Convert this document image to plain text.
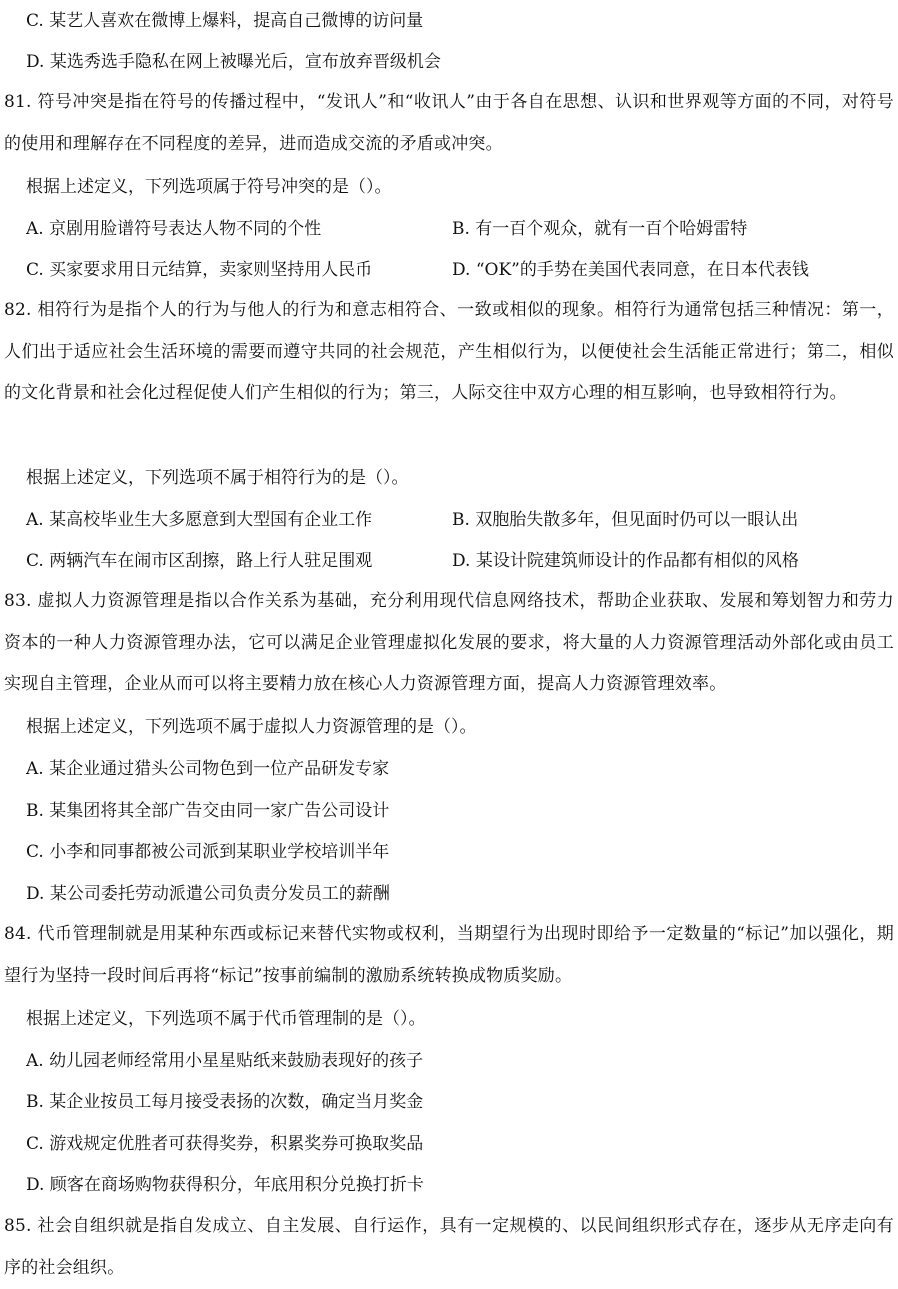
C. 某艺人喜欢在微博上爆料，提高自己微博的访问量
D. 某选秀选手隐私在网上被曝光后，宣布放弃晋级机会
81. 符号冲突是指在符号的传播过程中，“发讯人”和“收讯人”由于各自在思想、认识和世界观等方面的不同，对符号的使用和理解存在不同程度的差异，进而造成交流的矛盾或冲突。
根据上述定义，下列选项属于符号冲突的是（）。
A. 京剧用脸谱符号表达人物不同的个性	B. 有一百个观众，就有一百个哈姆雷特
C. 买家要求用日元结算，卖家则坚持用人民币	D. “OK”的手势在美国代表同意，在日本代表钱
82. 相符行为是指个人的行为与他人的行为和意志相符合、一致或相似的现象。相符行为通常包括三种情况：第一，人们出于适应社会生活环境的需要而遵守共同的社会规范，产生相似行为，以便使社会生活能正常进行；第二，相似的文化背景和社会化过程促使人们产生相似的行为；第三，人际交往中双方心理的相互影响，也导致相符行为。
根据上述定义，下列选项不属于相符行为的是（）。
A. 某高校毕业生大多愿意到大型国有企业工作	B. 双胞胎失散多年，但见面时仍可以一眼认出
C. 两辆汽车在闹市区刮擦，路上行人驻足围观	D. 某设计院建筑师设计的作品都有相似的风格
83. 虚拟人力资源管理是指以合作关系为基础，充分利用现代信息网络技术，帮助企业获取、发展和筹划智力和劳力资本的一种人力资源管理办法，它可以满足企业管理虚拟化发展的要求，将大量的人力资源管理活动外部化或由员工实现自主管理，企业从而可以将主要精力放在核心人力资源管理方面，提高人力资源管理效率。
根据上述定义，下列选项不属于虚拟人力资源管理的是（）。
A. 某企业通过猎头公司物色到一位产品研发专家
B. 某集团将其全部广告交由同一家广告公司设计
C. 小李和同事都被公司派到某职业学校培训半年
D. 某公司委托劳动派遣公司负责分发员工的薪酬
84. 代币管理制就是用某种东西或标记来替代实物或权利，当期望行为出现时即给予一定数量的“标记”加以强化，期望行为坚持一段时间后再将“标记”按事前编制的激励系统转换成物质奖励。
根据上述定义，下列选项不属于代币管理制的是（）。
A. 幼儿园老师经常用小星星贴纸来鼓励表现好的孩子
B. 某企业按员工每月接受表扬的次数，确定当月奖金
C. 游戏规定优胜者可获得奖券，积累奖券可换取奖品
D. 顾客在商场购物获得积分，年底用积分兑换打折卡
85. 社会自组织就是指自发成立、自主发展、自行运作，具有一定规模的、以民间组织形式存在，逐步从无序走向有序的社会组织。
